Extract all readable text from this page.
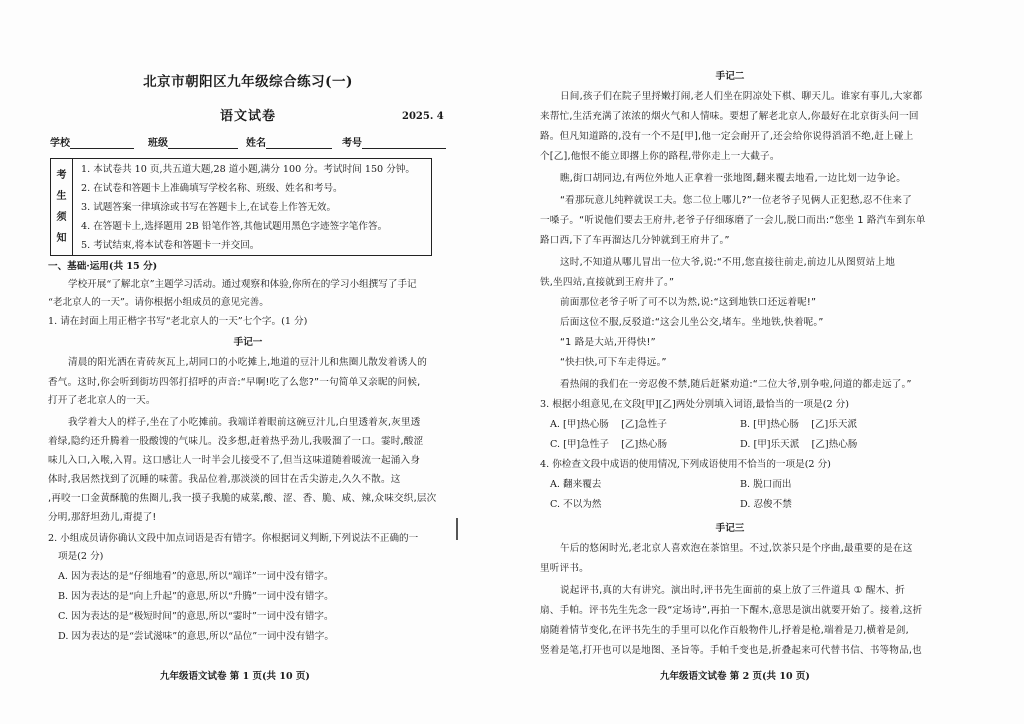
北京市朝阳区九年级综合练习(一)
语文试卷	2025. 4
学校	班级	姓名	考号
考
生
须
知
1. 本试卷共 10 页,共五道大题,28 道小题,满分 100 分。考试时间 150 分钟。
2. 在试卷和答题卡上准确填写学校名称、班级、姓名和考号。
3. 试题答案一律填涂或书写在答题卡上,在试卷上作答无效。
4. 在答题卡上,选择题用 2B 铅笔作答,其他试题用黑色字迹签字笔作答。
5. 考试结束,将本试卷和答题卡一并交回。
一、基础·运用(共 15 分)
学校开展“了解北京”主题学习活动。通过观察和体验,你所在的学习小组撰写了手记
“老北京人的一天”。请你根据小组成员的意见完善。
1. 请在封面上用正楷字书写“老北京人的一天”七个字。(1 分)
手记一
清晨的阳光洒在青砖灰瓦上,胡同口的小吃摊上,地道的豆汁儿和焦圈儿散发着诱人的
香气。这时,你会听到街坊四邻打招呼的声音:“早啊!吃了么您?”一句简单又亲昵的问候,
打开了老北京人的一天。
我学着大人的样子,坐在了小吃摊前。我端详着眼前这碗豆汁儿,白里透着灰,灰里透
着绿,隐约还升腾着一股酸馊的气味儿。没多想,赶着热乎劲儿,我吸溜了一口。霎时,酸涩
味儿入口,入喉,入胃。这口感让人一时半会儿接受不了,但当这味道随着暖流一起涌入身
体时,我居然找到了沉睡的味蕾。我品位着,那淡淡的回甘在舌尖游走,久久不散。这
,再咬一口金黄酥脆的焦圈儿,我一摸子我脆的咸菜,酸、涩、香、脆、咸、辣,众味交织,层次
分明,那舒坦劲儿,甭提了!
2. 小组成员请你确认文段中加点词语是否有错字。你根据词义判断,下列说法不正确的一
项是(2 分)
A. 因为表达的是“仔细地看”的意思,所以“端详”一词中没有错字。
B. 因为表达的是“向上升起”的意思,所以“升腾”一词中没有错字。
C. 因为表达的是“极短时间”的意思,所以“霎时”一词中没有错字。
D. 因为表达的是“尝试滋味”的意思,所以“品位”一词中没有错字。
九年级语文试卷 第 1 页(共 10 页)
手记二
日间,孩子们在院子里捋嫩打闹,老人们坐在阴凉处下棋、聊天儿。谁家有事儿,大家都
来帮忙,生活充满了浓浓的烟火气和人情味。要想了解老北京人,你最好在北京街头问一回
路。但凡知道路的,没有一个不是[甲],他一定会耐开了,还会给你说得滔滔不绝,赶上碰上
个[乙],他恨不能立即撂上你的路程,带你走上一大截子。
瞧,街口胡同边,有两位外地人正拿着一张地图,翻来覆去地看,一边比划一边争论。
“看那玩意儿纯粹就误工夫。您二位上哪儿?”一位老爷子见俩人正犯愁,忍不住来了
一嗓子。“听说他们要去王府井,老爷子仔细琢磨了一会儿,脱口而出:“您坐 1 路汽车到东单
路口西,下了车再溜达几分钟就到王府井了。”
这时,不知道从哪儿冒出一位大爷,说:“不用,您直接往前走,前边儿从图贸站上地
铁,坐四站,直接就到王府井了。”
前面那位老爷子听了可不以为然,说:“这到地铁口还远着呢!”
后面这位不服,反驳道:“这会儿坐公交,堵车。坐地铁,快着呢。”
“1 路是大站,开得快!”
“快扫快,可下车走得远。”
看热闹的我们在一旁忍俊不禁,随后赶紧劝道:“二位大爷,别争啦,问道的都走远了。”
3. 根据小组意见,在文段[甲][乙]两处分别填入词语,最恰当的一项是(2 分)
A. [甲]热心肠 [乙]急性子	B. [甲]热心肠 [乙]乐天派
C. [甲]急性子 [乙]热心肠	D. [甲]乐天派 [乙]热心肠
4. 你检查文段中成语的使用情况,下列成语使用不恰当的一项是(2 分)
A. 翻来覆去	B. 脱口而出
C. 不以为然	D. 忍俊不禁
手记三
午后的悠闲时光,老北京人喜欢泡在茶馆里。不过,饮茶只是个序曲,最重要的是在这
里听评书。
说起评书,真的大有讲究。演出时,评书先生面前的桌上放了三件道具 ① 醒木、折
扇、手帕。评书先生先念一段“定场诗”,再拍一下醒木,意思是演出就要开始了。接着,这折
扇随着情节变化,在评书先生的手里可以化作百般物件儿,抒着是枪,端着是刀,横着是剑,
竖着是笔,打开也可以是地图、圣旨等。手帕千变也是,折叠起来可代替书信、书等物品,也
九年级语文试卷 第 2 页(共 10 页)
